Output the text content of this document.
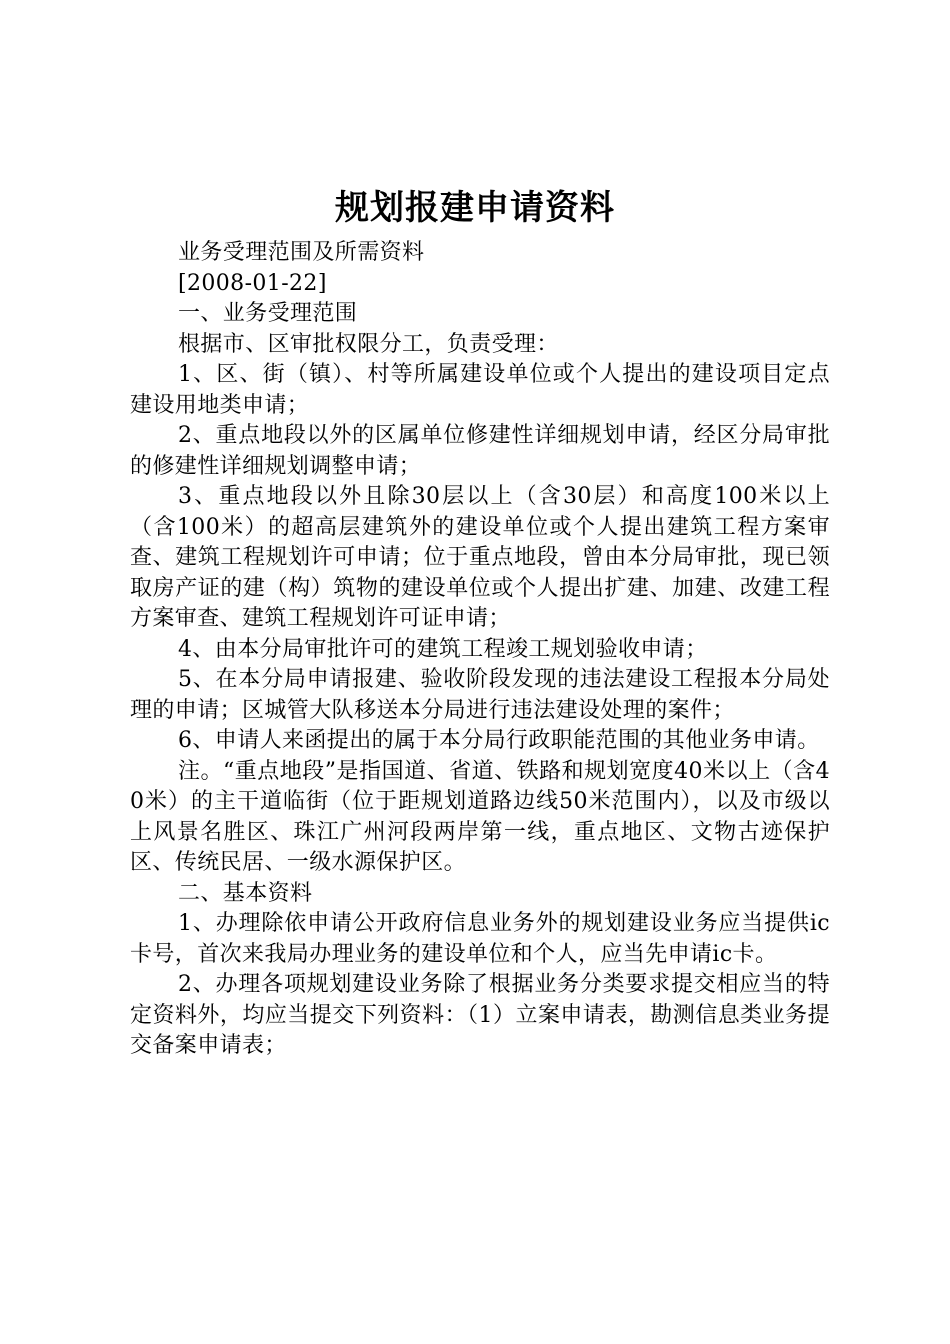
规划报建申请资料

业务受理范围及所需资料

[2008-01-22]

一、业务受理范围

根据市、区审批权限分工，负责受理：

1、区、街（镇）、村等所属建设单位或个人提出的建设项目定点建设用地类申请；

2、重点地段以外的区属单位修建性详细规划申请，经区分局审批的修建性详细规划调整申请；

3、重点地段以外且除30层以上（含30层）和高度100米以上（含100米）的超高层建筑外的建设单位或个人提出建筑工程方案审查、建筑工程规划许可申请；位于重点地段，曾由本分局审批，现已领取房产证的建（构）筑物的建设单位或个人提出扩建、加建、改建工程方案审查、建筑工程规划许可证申请；

4、由本分局审批许可的建筑工程竣工规划验收申请；

5、在本分局申请报建、验收阶段发现的违法建设工程报本分局处理的申请；区城管大队移送本分局进行违法建设处理的案件；

6、申请人来函提出的属于本分局行政职能范围的其他业务申请。

注。“重点地段”是指国道、省道、铁路和规划宽度40米以上（含40米）的主干道临街（位于距规划道路边线50米范围内），以及市级以上风景名胜区、珠江广州河段两岸第一线，重点地区、文物古迹保护区、传统民居、一级水源保护区。

二、基本资料

1、办理除依申请公开政府信息业务外的规划建设业务应当提供ic卡号，首次来我局办理业务的建设单位和个人，应当先申请ic卡。

2、办理各项规划建设业务除了根据业务分类要求提交相应当的特定资料外，均应当提交下列资料：（1）立案申请表，勘测信息类业务提交备案申请表；
